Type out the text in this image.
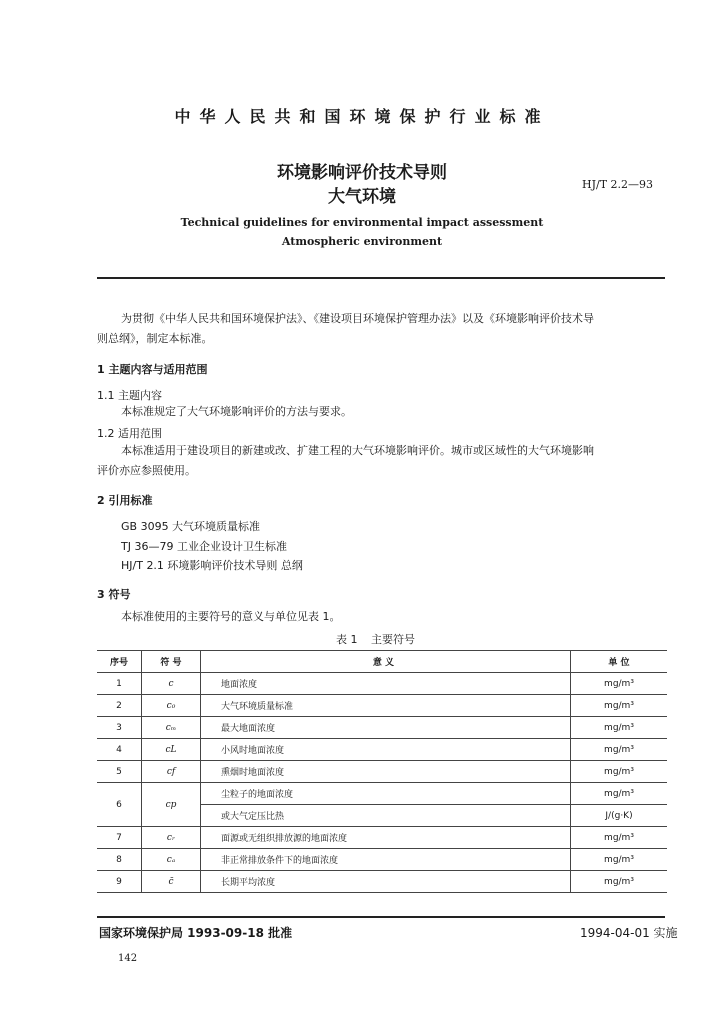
中华人民共和国环境保护行业标准
环境影响评价技术导则
大气环境
HJ/T 2.2—93
Technical guidelines for environmental impact assessment
Atmospheric environment
为贯彻《中华人民共和国环境保护法》、《建设项目环境保护管理办法》以及《环境影响评价技术导
则总纲》，制定本标准。
1 主题内容与适用范围
1.1 主题内容
本标准规定了大气环境影响评价的方法与要求。
1.2 适用范围
本标准适用于建设项目的新建或改、扩建工程的大气环境影响评价。城市或区域性的大气环境影响
评价亦应参照使用。
2 引用标准
GB 3095 大气环境质量标准
TJ 36—79 工业企业设计卫生标准
HJ/T 2.1 环境影响评价技术导则 总纲
3 符号
本标准使用的主要符号的意义与单位见表 1。
表 1 主要符号
序号	符 号	意 义	单 位
1	c	地面浓度	mg/m³
2	c₀	大气环境质量标准	mg/m³
3	cₘ	最大地面浓度	mg/m³
4	cL	小风时地面浓度	mg/m³
5	cf	熏烟时地面浓度	mg/m³
6	cp	尘粒子的地面浓度	mg/m³
		或大气定压比热	J/(g·K)
7	cᵣ	面源或无组织排放源的地面浓度	mg/m³
8	cₐ	非正常排放条件下的地面浓度	mg/m³
9	c̄	长期平均浓度	mg/m³
国家环境保护局 1993-09-18 批准	1994-04-01 实施
142
